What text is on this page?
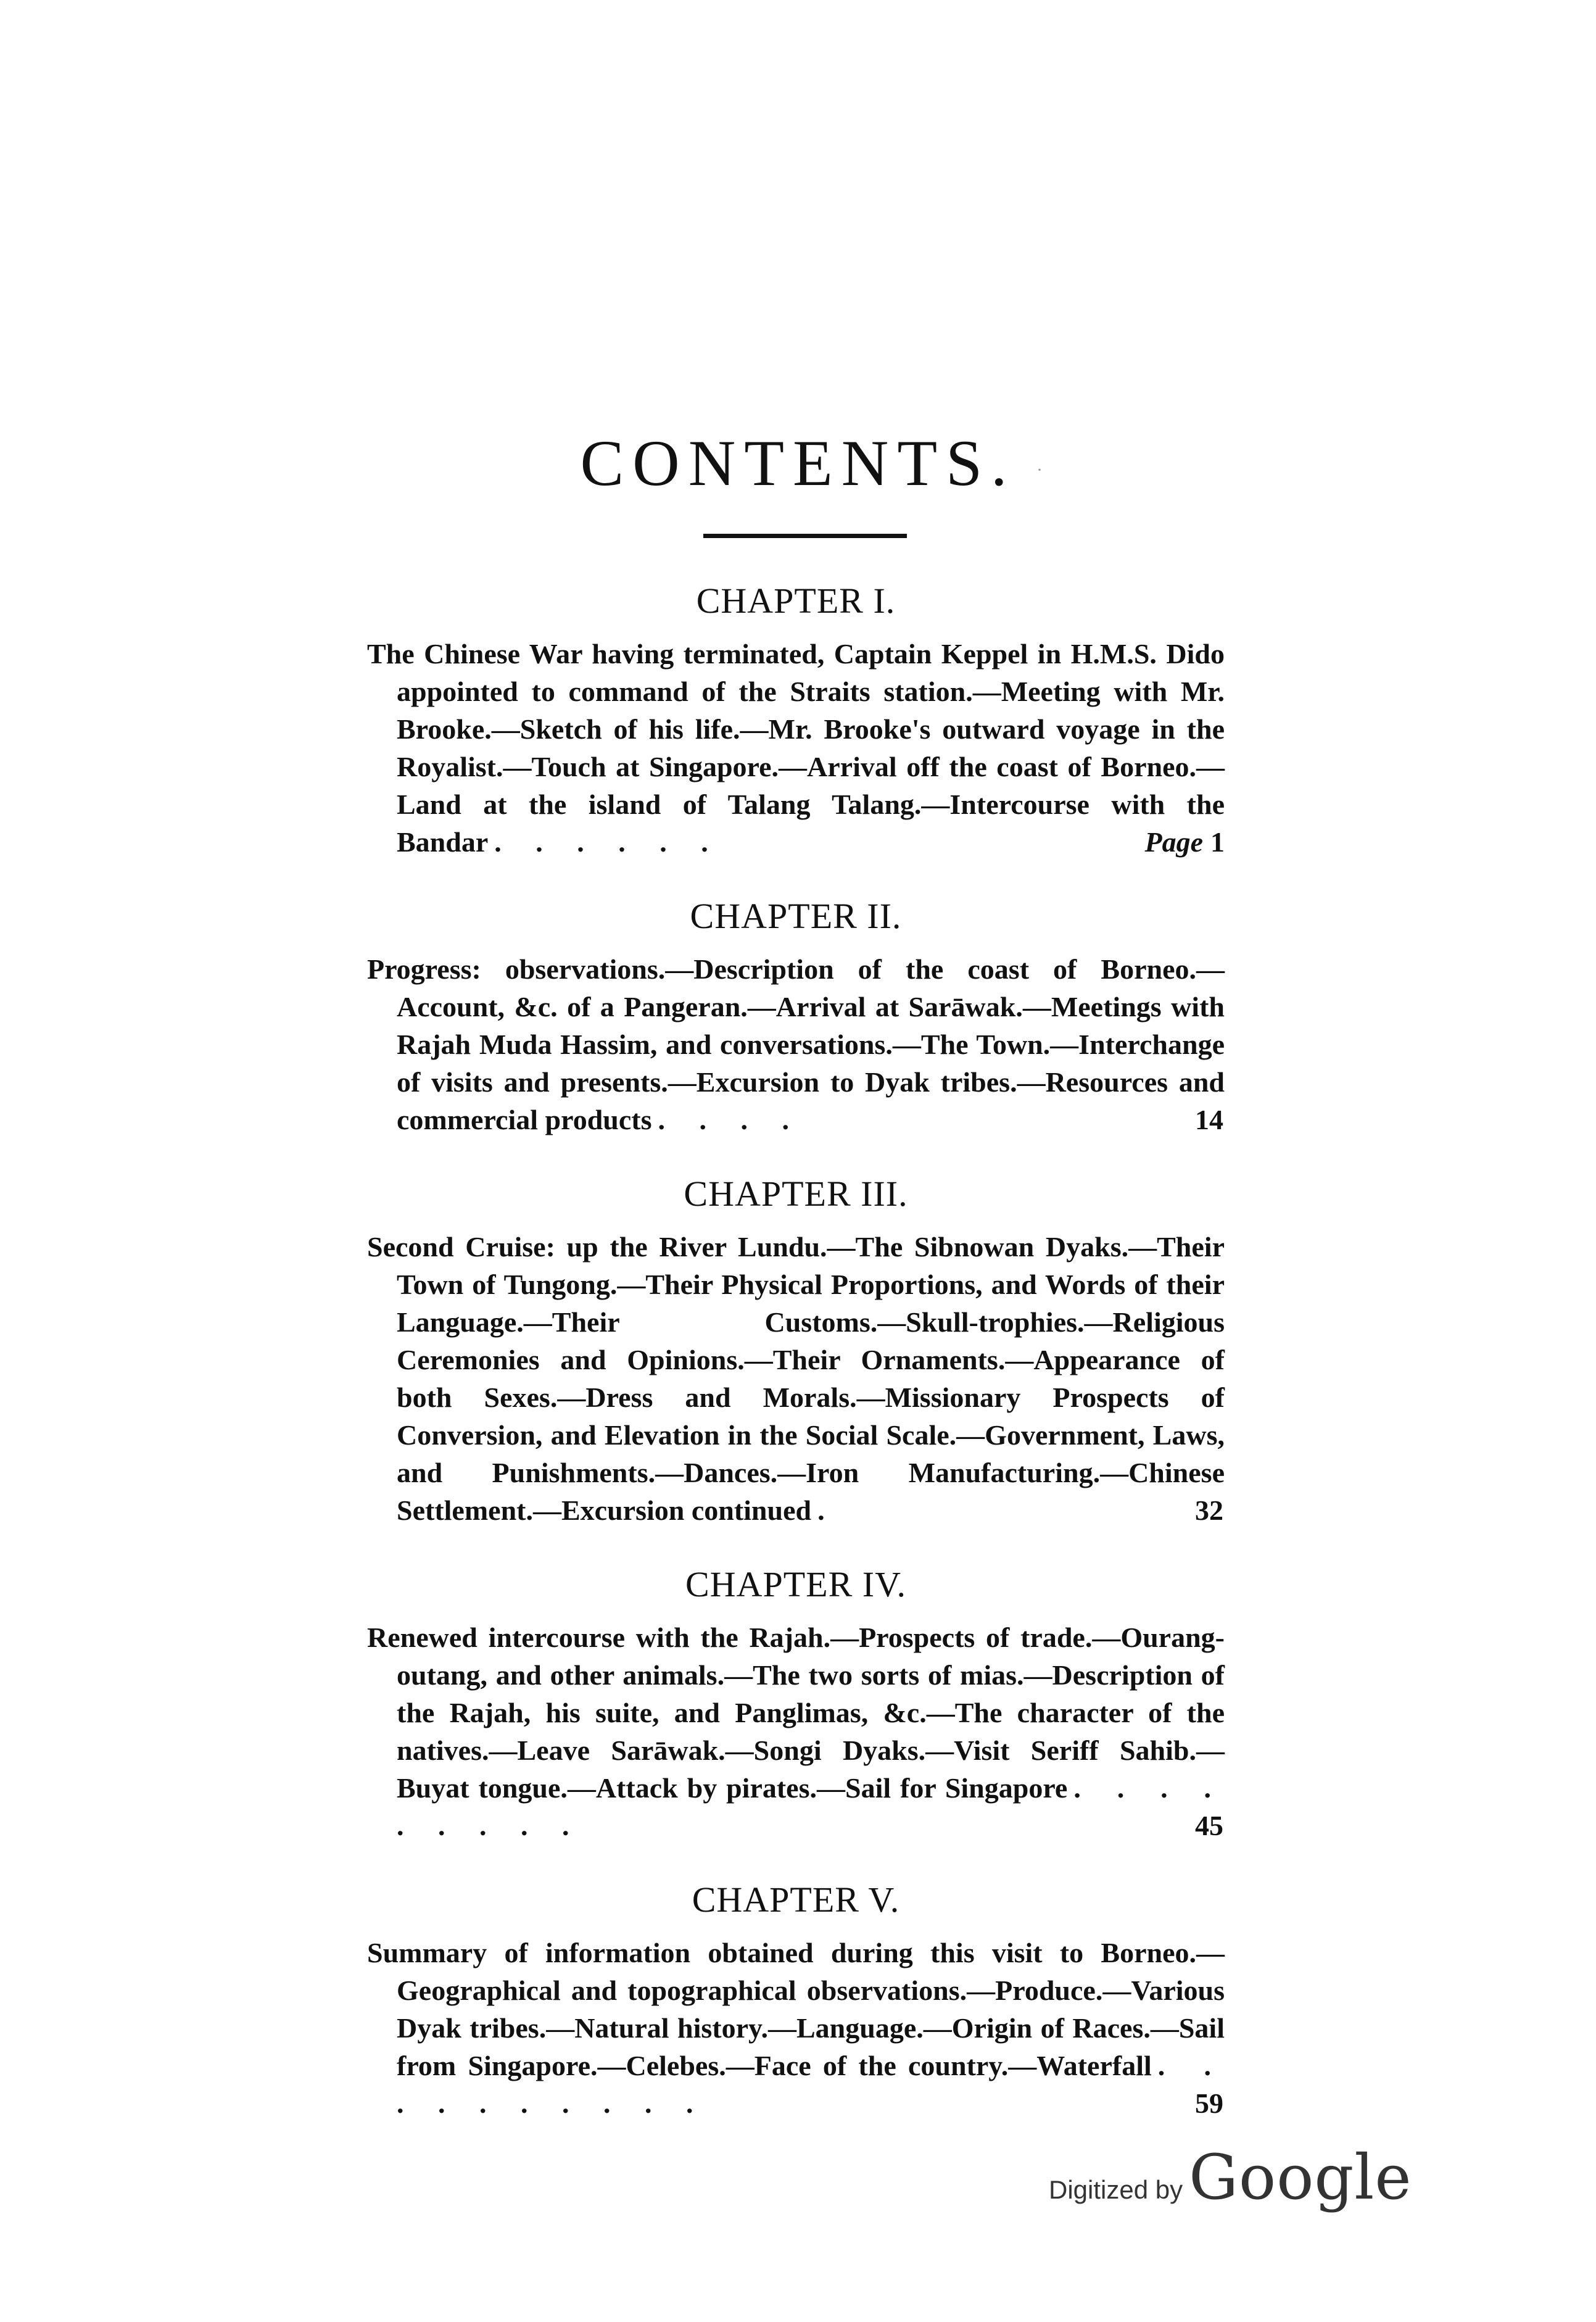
CONTENTS.	·
CHAPTER I.

The Chinese War having terminated, Captain Keppel in H.M.S. Dido appointed to command of the Straits station.—Meeting with Mr. Brooke.—Sketch of his life.—Mr. Brooke's outward voyage in the Royalist.—Touch at Singapore.—Arrival off the coast of Borneo.—Land at the island of Talang Talang.—Intercourse with the Bandar . . . . . .	Page 1

CHAPTER II.

Progress: observations.—Description of the coast of Borneo.—Account, &c. of a Pangeran.—Arrival at Sarāwak.—Meetings with Rajah Muda Hassim, and conversations.—The Town.—Interchange of visits and presents.—Excursion to Dyak tribes.—Resources and commercial products . . . .	14

CHAPTER III.

Second Cruise: up the River Lundu.—The Sibnowan Dyaks.—Their Town of Tungong.—Their Physical Proportions, and Words of their Language.—Their Customs.—Skull-trophies.—Religious Ceremonies and Opinions.—Their Ornaments.—Appearance of both Sexes.—Dress and Morals.—Missionary Prospects of Conversion, and Elevation in the Social Scale.—Government, Laws, and Punishments.—Dances.—Iron Manufacturing.—Chinese Settlement.—Excursion continued .	32

CHAPTER IV.

Renewed intercourse with the Rajah.—Prospects of trade.—Ourang-outang, and other animals.—The two sorts of mias.—Description of the Rajah, his suite, and Panglimas, &c.—The character of the natives.—Leave Sarāwak.—Songi Dyaks.—Visit Seriff Sahib.—Buyat tongue.—Attack by pirates.—Sail for Singapore . . . . . . . . .	45

CHAPTER V.

Summary of information obtained during this visit to Borneo.—Geographical and topographical observations.—Produce.—Various Dyak tribes.—Natural history.—Language.—Origin of Races.—Sail from Singapore.—Celebes.—Face of the country.—Waterfall . . . . . . . . . .	59

Digitized by Google
